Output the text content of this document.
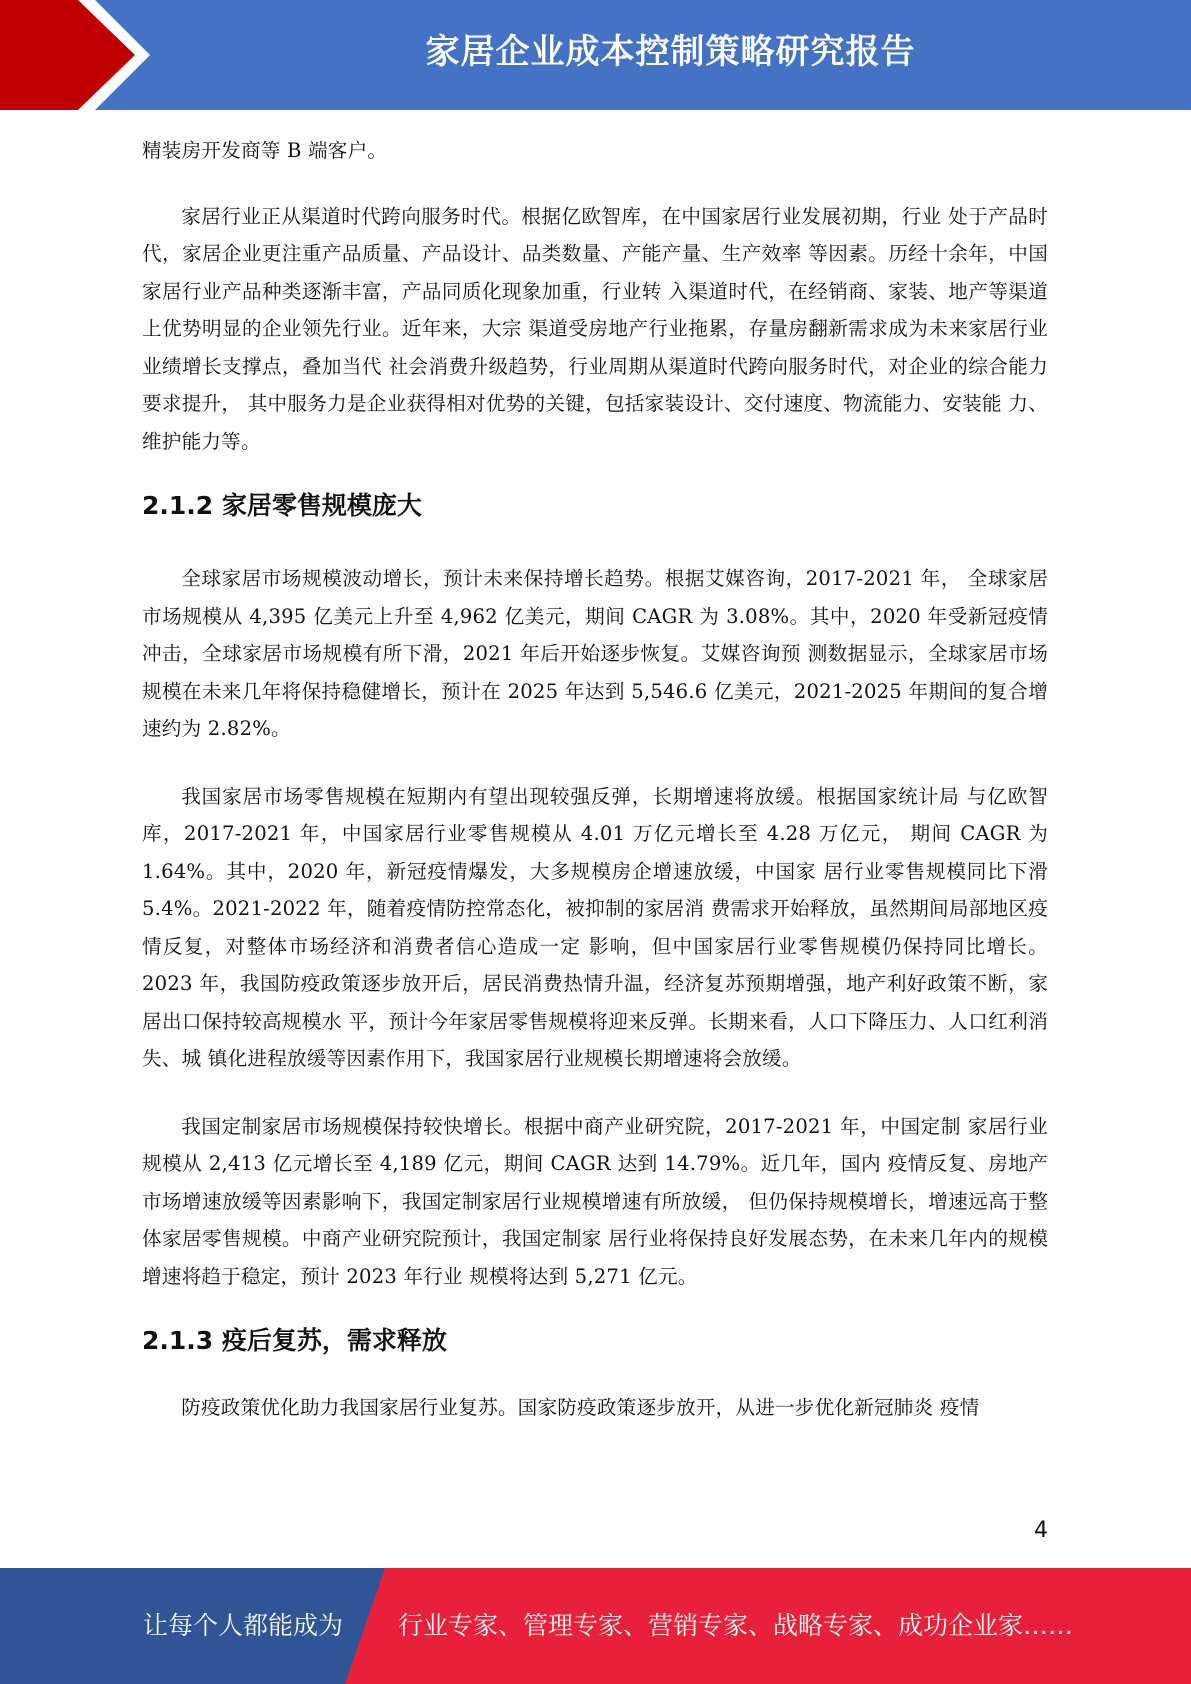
家居企业成本控制策略研究报告

精装房开发商等 B 端客户。

家居行业正从渠道时代跨向服务时代。根据亿欧智库，在中国家居行业发展初期，行业 处于产品时代，家居企业更注重产品质量、产品设计、品类数量、产能产量、生产效率 等因素。历经十余年，中国家居行业产品种类逐渐丰富，产品同质化现象加重，行业转 入渠道时代，在经销商、家装、地产等渠道上优势明显的企业领先行业。近年来，大宗 渠道受房地产行业拖累，存量房翻新需求成为未来家居行业业绩增长支撑点，叠加当代 社会消费升级趋势，行业周期从渠道时代跨向服务时代，对企业的综合能力要求提升， 其中服务力是企业获得相对优势的关键，包括家装设计、交付速度、物流能力、安装能 力、维护能力等。

2.1.2 家居零售规模庞大

全球家居市场规模波动增长，预计未来保持增长趋势。根据艾媒咨询，2017-2021 年， 全球家居市场规模从 4,395 亿美元上升至 4,962 亿美元，期间 CAGR 为 3.08%。其中，2020 年受新冠疫情冲击，全球家居市场规模有所下滑，2021 年后开始逐步恢复。艾媒咨询预 测数据显示，全球家居市场规模在未来几年将保持稳健增长，预计在 2025 年达到 5,546.6 亿美元，2021-2025 年期间的复合增速约为 2.82%。

我国家居市场零售规模在短期内有望出现较强反弹，长期增速将放缓。根据国家统计局 与亿欧智库，2017-2021 年，中国家居行业零售规模从 4.01 万亿元增长至 4.28 万亿元， 期间 CAGR 为 1.64%。其中，2020 年，新冠疫情爆发，大多规模房企增速放缓，中国家 居行业零售规模同比下滑 5.4%。2021-2022 年，随着疫情防控常态化，被抑制的家居消 费需求开始释放，虽然期间局部地区疫情反复，对整体市场经济和消费者信心造成一定 影响，但中国家居行业零售规模仍保持同比增长。2023 年，我国防疫政策逐步放开后，居民消费热情升温，经济复苏预期增强，地产利好政策不断，家居出口保持较高规模水 平，预计今年家居零售规模将迎来反弹。长期来看，人口下降压力、人口红利消失、城 镇化进程放缓等因素作用下，我国家居行业规模长期增速将会放缓。

我国定制家居市场规模保持较快增长。根据中商产业研究院，2017-2021 年，中国定制 家居行业规模从 2,413 亿元增长至 4,189 亿元，期间 CAGR 达到 14.79%。近几年，国内 疫情反复、房地产市场增速放缓等因素影响下，我国定制家居行业规模增速有所放缓， 但仍保持规模增长，增速远高于整体家居零售规模。中商产业研究院预计，我国定制家 居行业将保持良好发展态势，在未来几年内的规模增速将趋于稳定，预计 2023 年行业 规模将达到 5,271 亿元。

2.1.3 疫后复苏，需求释放

防疫政策优化助力我国家居行业复苏。国家防疫政策逐步放开，从进一步优化新冠肺炎 疫情

4
让每个人都能成为 行业专家、管理专家、营销专家、战略专家、成功企业家……
